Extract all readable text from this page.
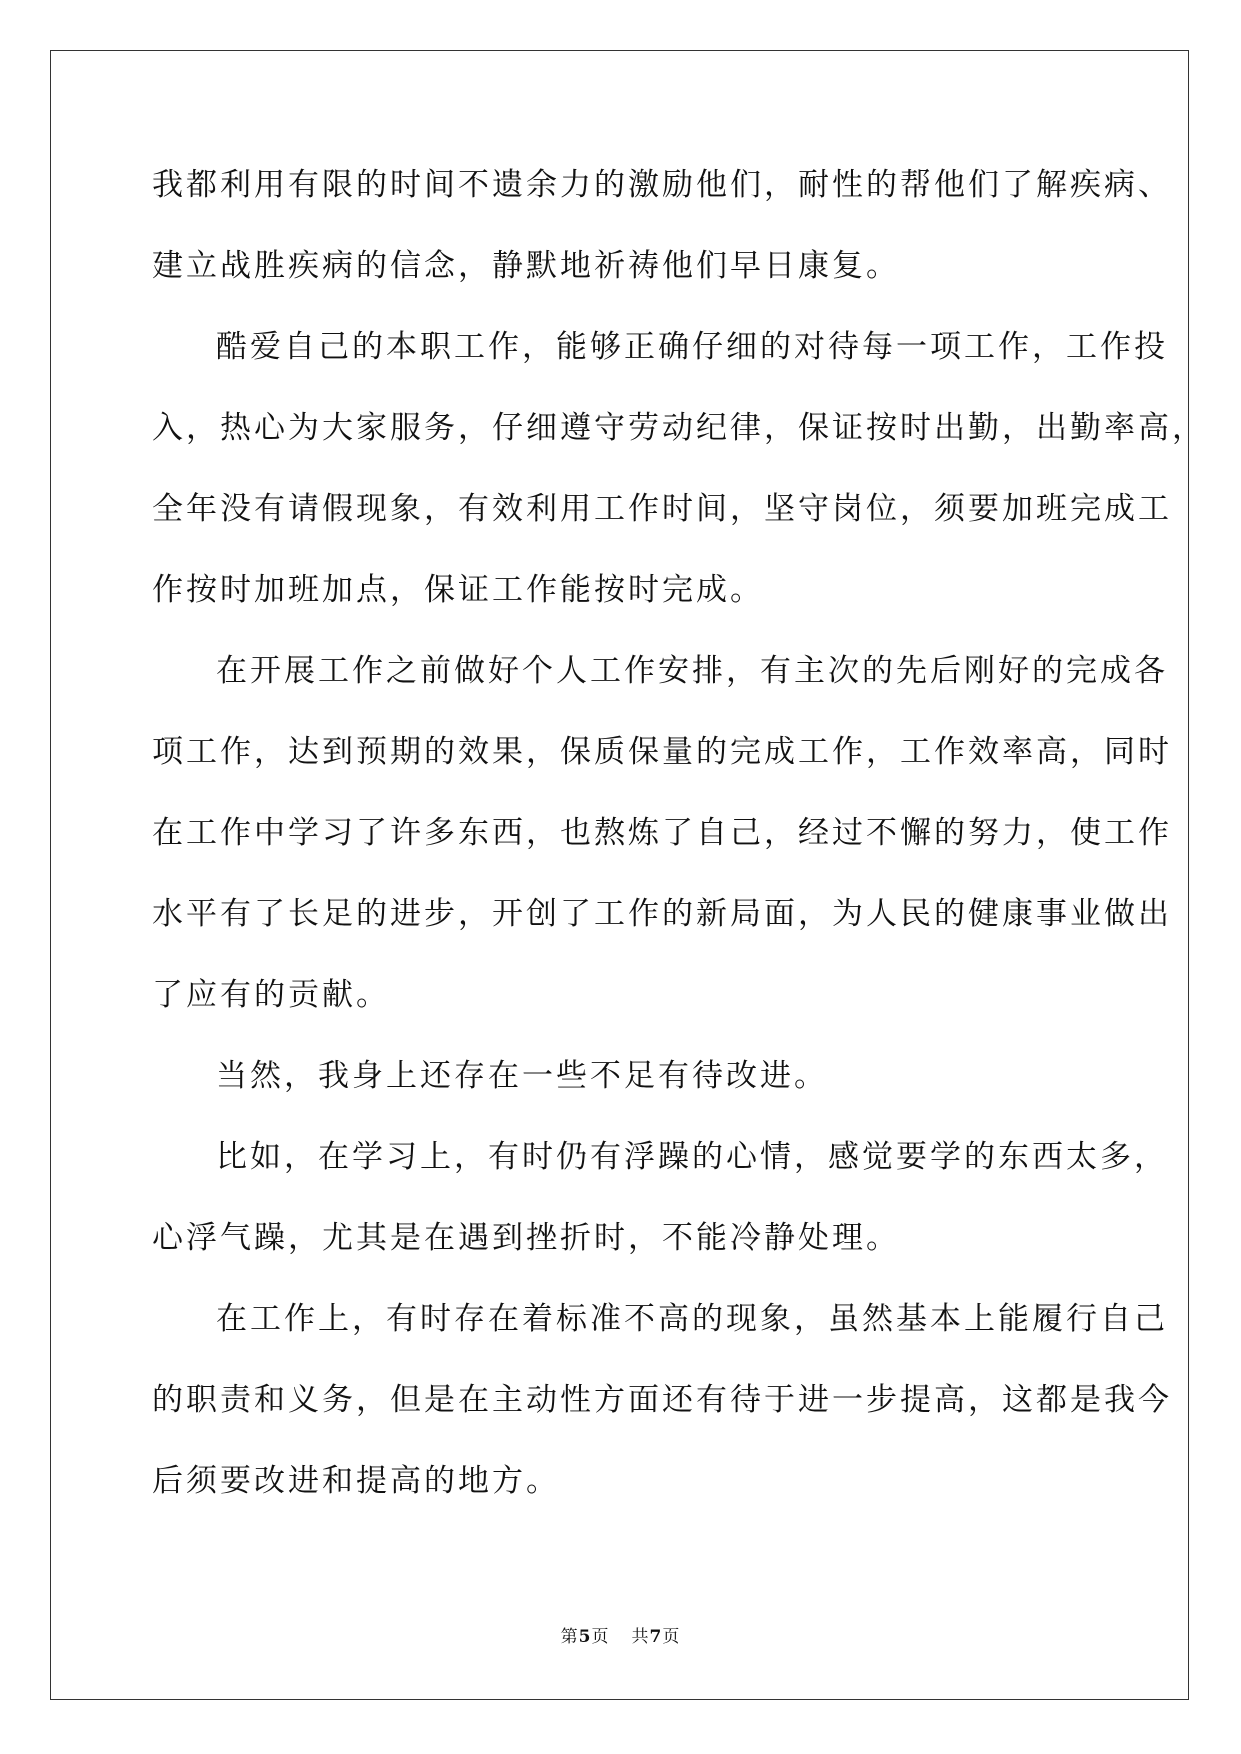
我都利用有限的时间不遗余力的激励他们，耐性的帮他们了解疾病、
建立战胜疾病的信念，静默地祈祷他们早日康复。
酷爱自己的本职工作，能够正确仔细的对待每一项工作，工作投
入，热心为大家服务，仔细遵守劳动纪律，保证按时出勤，出勤率高，
全年没有请假现象，有效利用工作时间，坚守岗位，须要加班完成工
作按时加班加点，保证工作能按时完成。
在开展工作之前做好个人工作安排，有主次的先后刚好的完成各
项工作，达到预期的效果，保质保量的完成工作，工作效率高，同时
在工作中学习了许多东西，也熬炼了自己，经过不懈的努力，使工作
水平有了长足的进步，开创了工作的新局面，为人民的健康事业做出
了应有的贡献。
当然，我身上还存在一些不足有待改进。
比如，在学习上，有时仍有浮躁的心情，感觉要学的东西太多，
心浮气躁，尤其是在遇到挫折时，不能冷静处理。
在工作上，有时存在着标准不高的现象，虽然基本上能履行自己
的职责和义务，但是在主动性方面还有待于进一步提高，这都是我今
后须要改进和提高的地方。
第5页 共7页
